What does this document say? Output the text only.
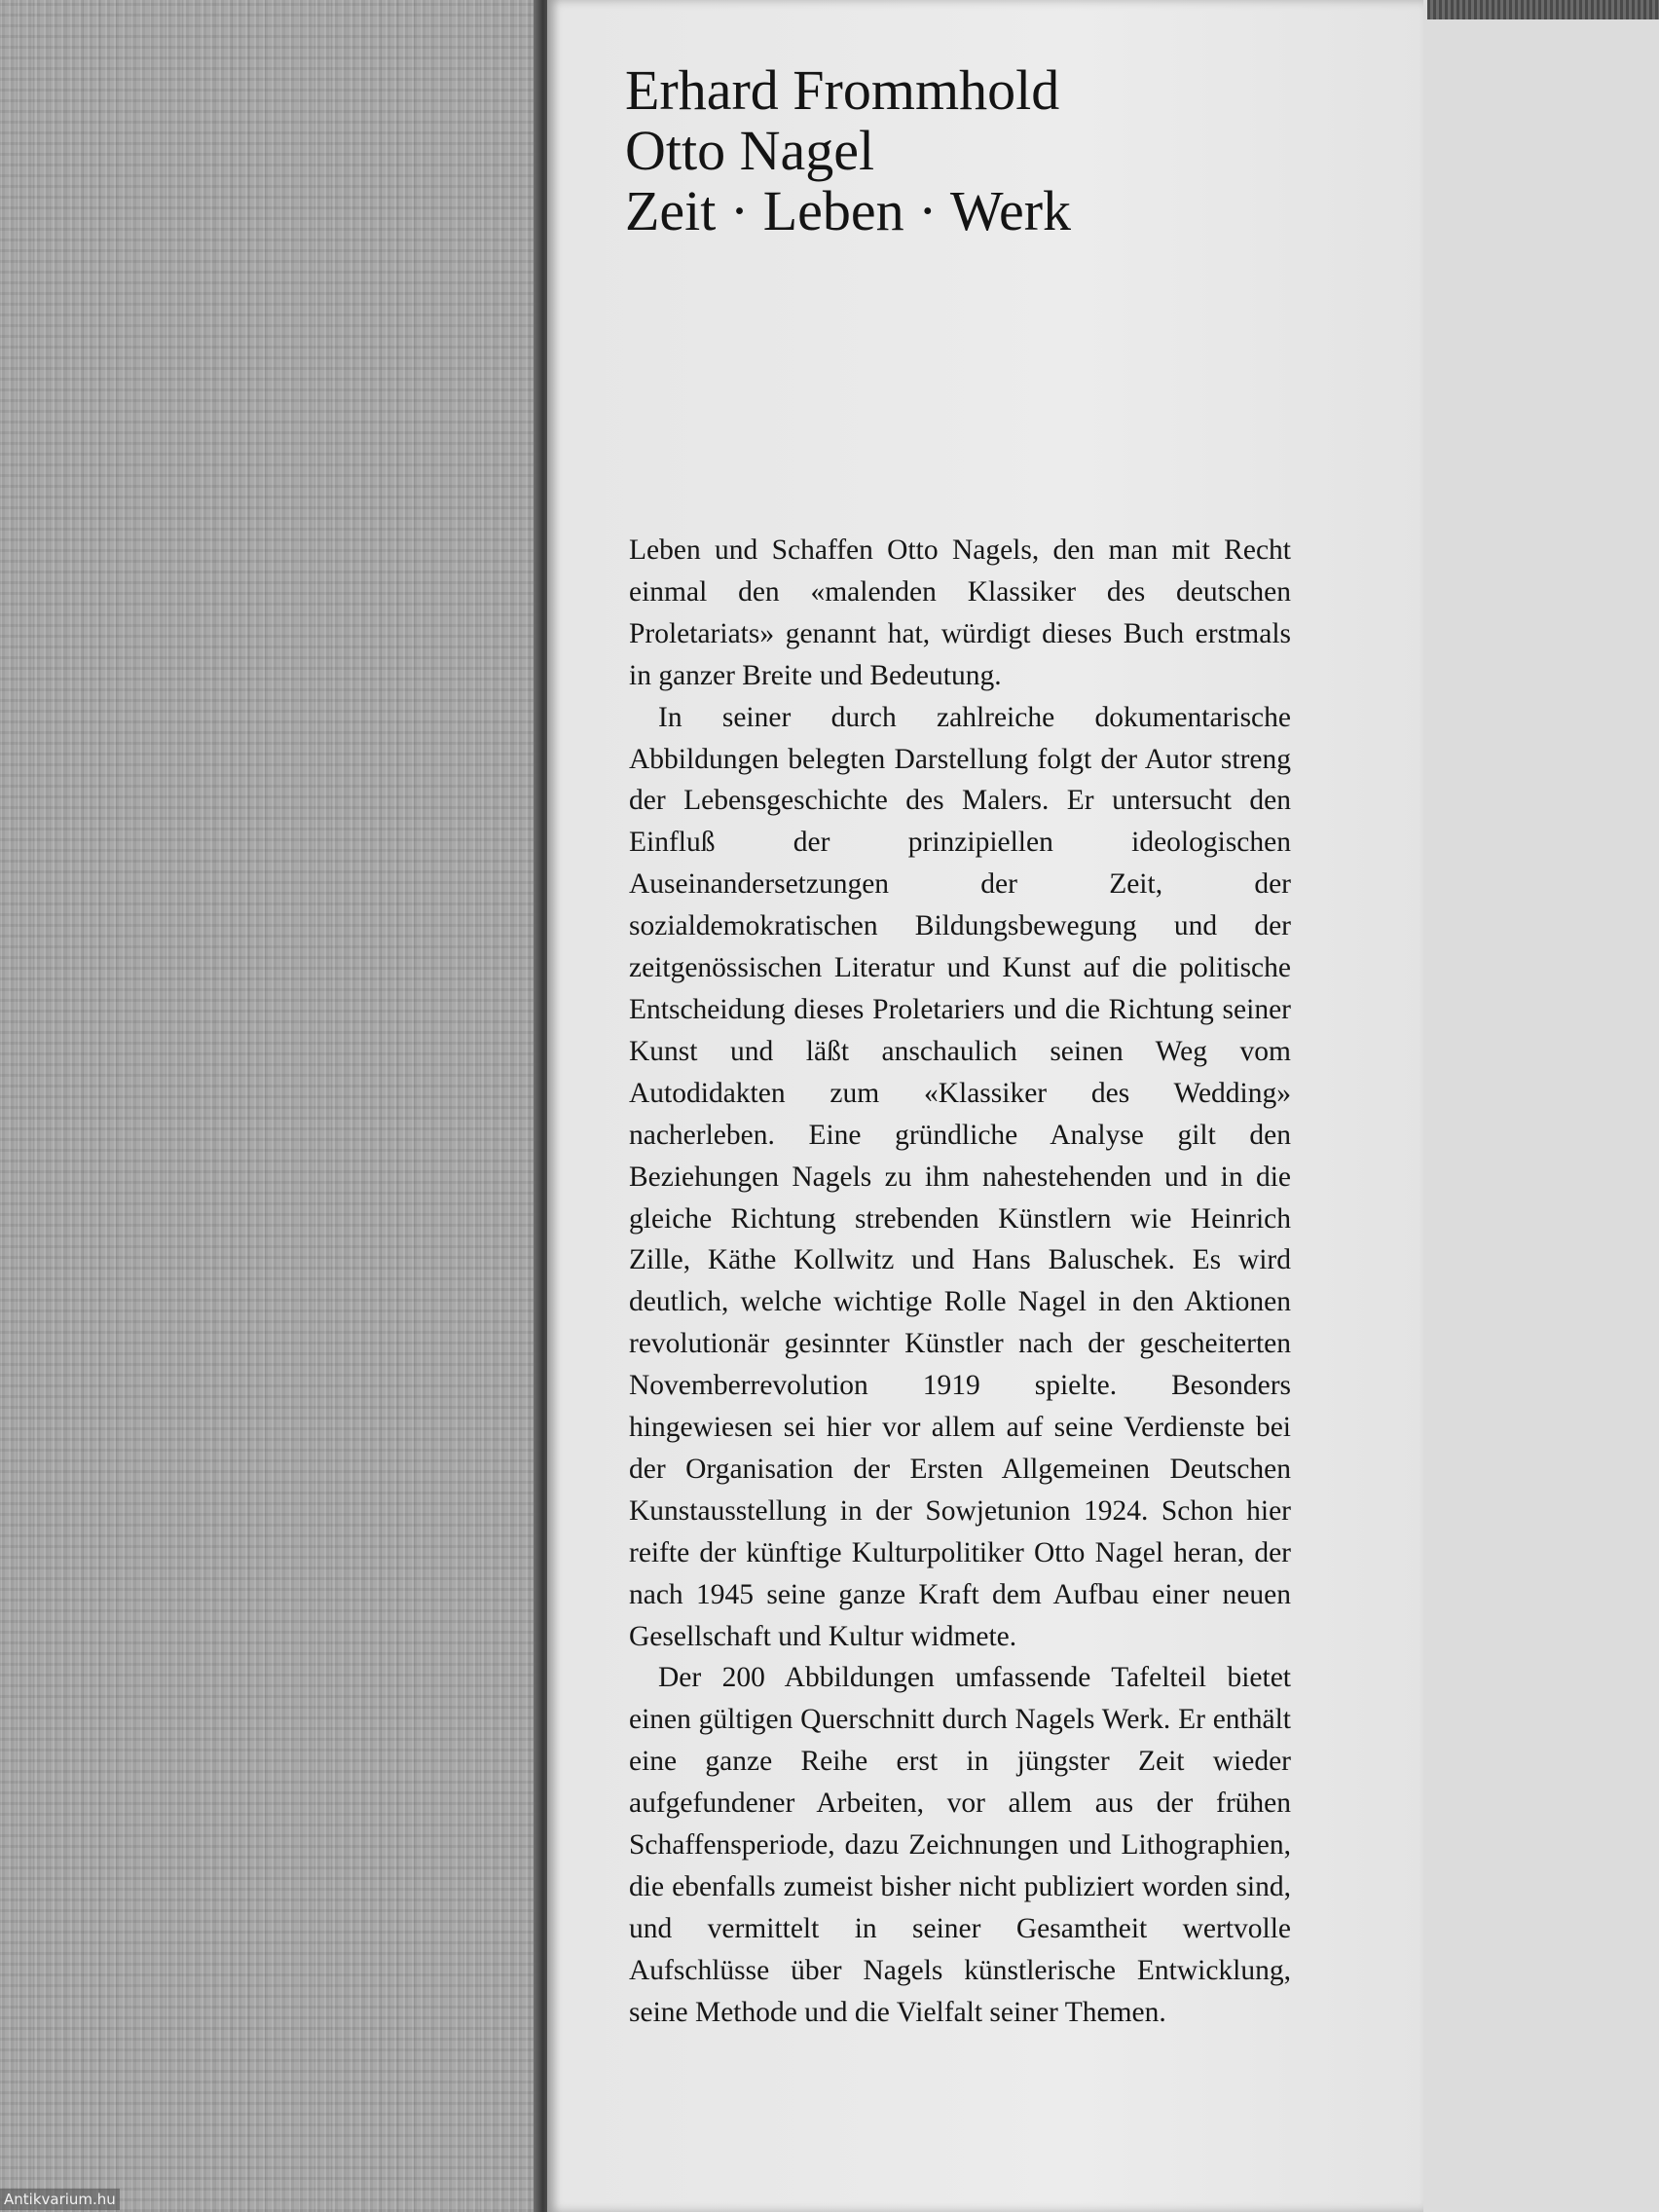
Erhard Frommhold
Otto Nagel
Zeit · Leben · Werk

Leben und Schaffen Otto Nagels, den man mit Recht einmal den «malenden Klassiker des deutschen Proletariats» genannt hat, würdigt dieses Buch erstmals in ganzer Breite und Bedeutung.

In seiner durch zahlreiche dokumentarische Abbildungen belegten Darstellung folgt der Autor streng der Lebensgeschichte des Malers. Er untersucht den Einfluß der prinzipiellen ideologischen Auseinandersetzungen der Zeit, der sozialdemokratischen Bildungsbewegung und der zeitgenössischen Literatur und Kunst auf die politische Entscheidung dieses Proletariers und die Richtung seiner Kunst und läßt anschaulich seinen Weg vom Autodidakten zum «Klassiker des Wedding» nacherleben. Eine gründliche Analyse gilt den Beziehungen Nagels zu ihm nahestehenden und in die gleiche Richtung strebenden Künstlern wie Heinrich Zille, Käthe Kollwitz und Hans Baluschek. Es wird deutlich, welche wichtige Rolle Nagel in den Aktionen revolutionär gesinnter Künstler nach der gescheiterten Novemberrevolution 1919 spielte. Besonders hingewiesen sei hier vor allem auf seine Verdienste bei der Organisation der Ersten Allgemeinen Deutschen Kunstausstellung in der Sowjetunion 1924. Schon hier reifte der künftige Kulturpolitiker Otto Nagel heran, der nach 1945 seine ganze Kraft dem Aufbau einer neuen Gesellschaft und Kultur widmete.

Der 200 Abbildungen umfassende Tafelteil bietet einen gültigen Querschnitt durch Nagels Werk. Er enthält eine ganze Reihe erst in jüngster Zeit wieder aufgefundener Arbeiten, vor allem aus der frühen Schaffensperiode, dazu Zeichnungen und Lithographien, die ebenfalls zumeist bisher nicht publiziert worden sind, und vermittelt in seiner Gesamtheit wertvolle Aufschlüsse über Nagels künstlerische Entwicklung, seine Methode und die Vielfalt seiner Themen.

Antikvarium.hu
